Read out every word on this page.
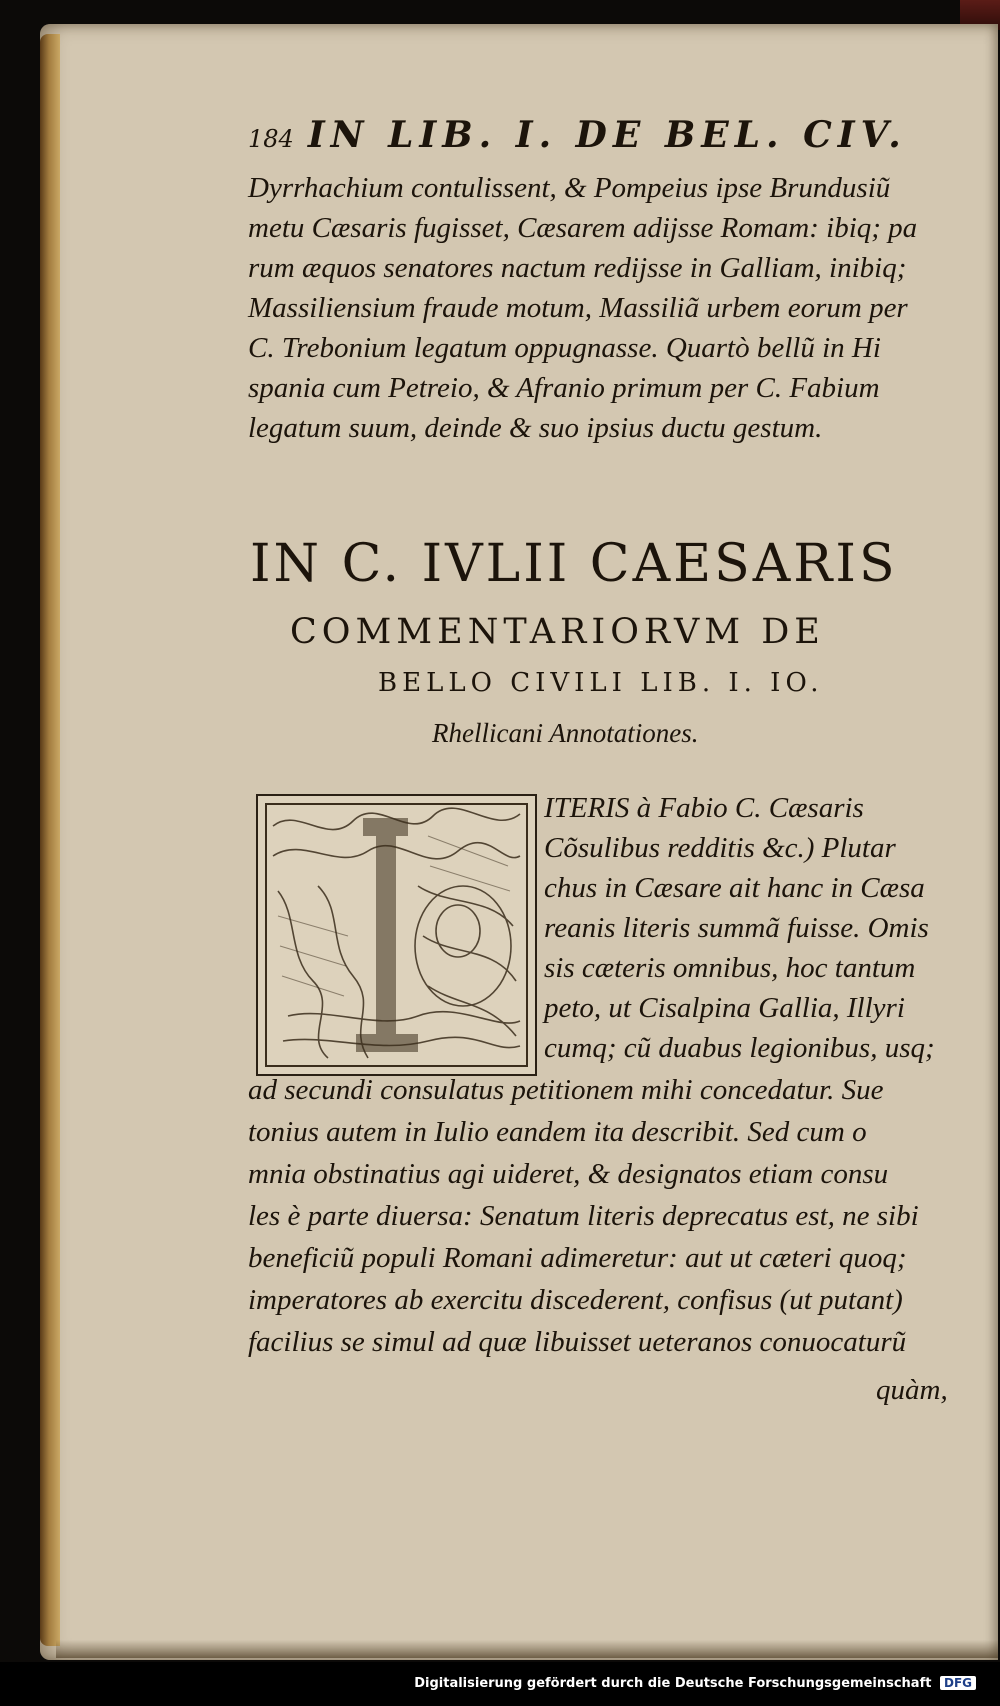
184 IN LIB. I. DE BEL. CIV.
Dyrrhachium contulissent, & Pompeius ipse Brundusiũ
metu Cæsaris fugisset, Cæsarem adijsse Romam: ibiq; pa
rum æquos senatores nactum redijsse in Galliam, inibiq;
Massiliensium fraude motum, Massiliã urbem eorum per
C. Trebonium legatum oppugnasse. Quartò bellũ in Hi
spania cum Petreio, & Afranio primum per C. Fabium
legatum suum, deinde & suo ipsius ductu gestum.
IN C. IVLII CAESARIS
COMMENTARIORVM DE
BELLO CIVILI LIB. I. IO.
Rhellicani Annotationes.
ITERIS à Fabio C. Cæsaris
Cõsulibus redditis &c.) Plutar
chus in Cæsare ait hanc in Cæsa
reanis literis summã fuisse. Omis
sis cæteris omnibus, hoc tantum
peto, ut Cisalpina Gallia, Illyri
cumq; cũ duabus legionibus, usq;
ad secundi consulatus petitionem mihi concedatur. Sue
tonius autem in Iulio eandem ita describit. Sed cum o
mnia obstinatius agi uideret, & designatos etiam consu
les è parte diuersa: Senatum literis deprecatus est, ne sibi
beneficiũ populi Romani adimeretur: aut ut cæteri quoq;
imperatores ab exercitu discederent, confisus (ut putant)
facilius se simul ad quæ libuisset ueteranos conuocaturũ
quàm,
Digitalisierung gefördert durch die Deutsche Forschungsgemeinschaft DFG
